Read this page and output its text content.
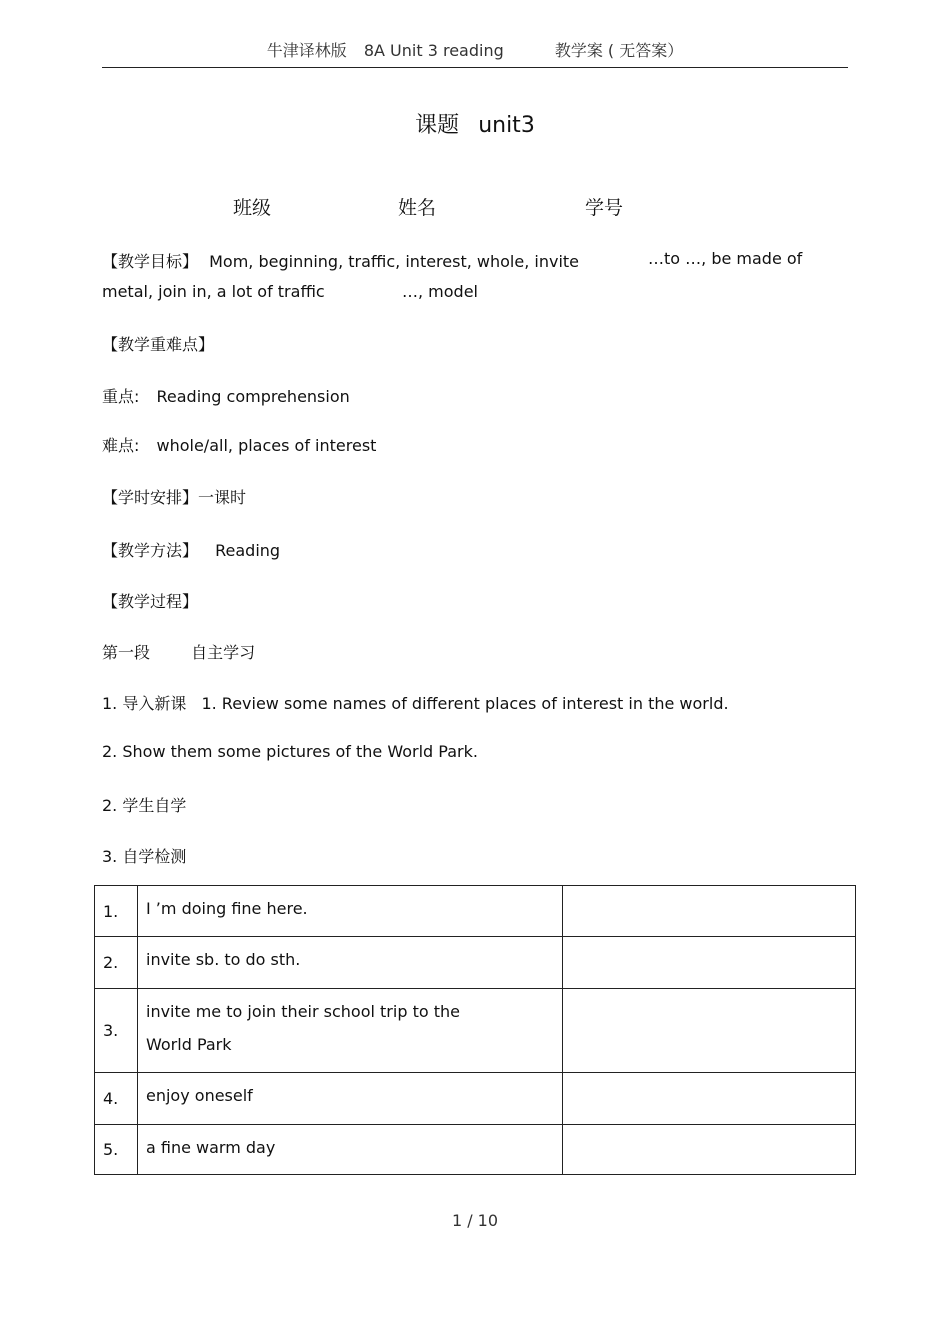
牛津译林版 8A Unit 3 reading	教学案 ( 无答案）
课题 unit3
班级	姓名	学号
【教学目标】 Mom, beginning, traffic, interest, whole, invite	…to …, be made of
metal, join in, a lot of traffic	…, model
【教学重难点】
重点: Reading comprehension
难点: whole/all, places of interest
【学时安排】一课时
【教学方法】 Reading
【教学过程】
第一段	自主学习
1. 导入新课 1. Review some names of different places of interest in the world.
2. Show them some pictures of the World Park.
2. 学生自学
3. 自学检测
1.	I ’m doing fine here.	

2.	invite sb. to do sth.	

3.	invite me to join their school trip to the
World Park	

4.	enjoy oneself	

5.	a fine warm day	

1 / 10
